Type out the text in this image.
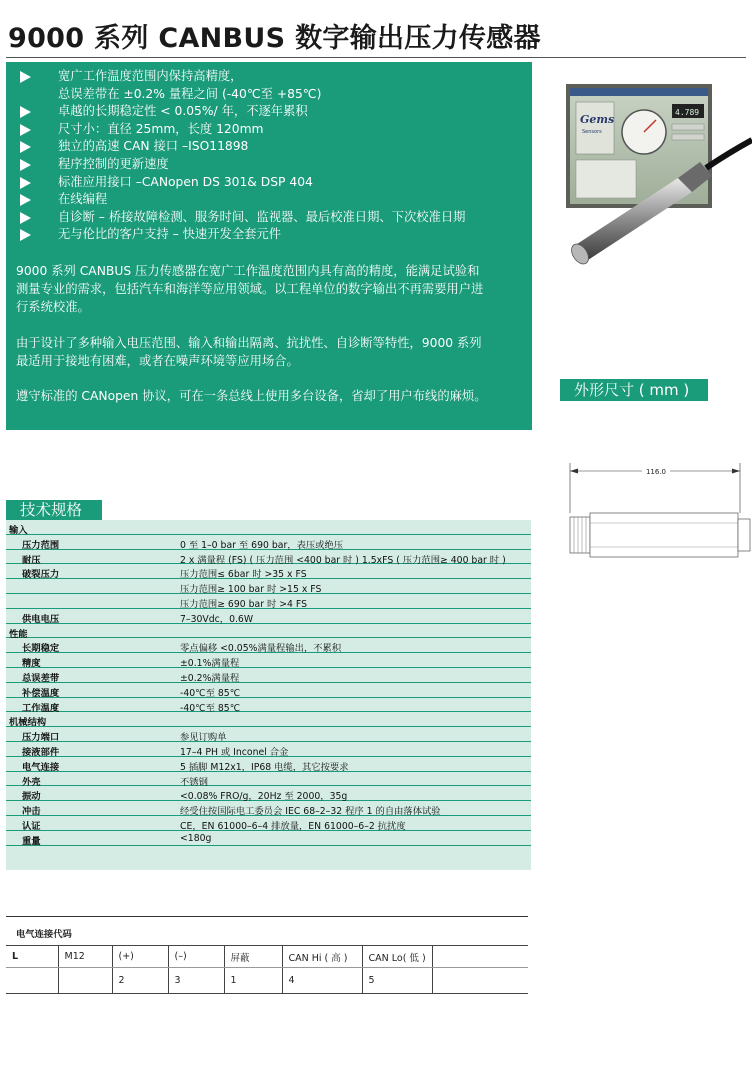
9000 系列 CANBUS 数字输出压力传感器
宽广工作温度范围内保持高精度，
总误差带在 ±0.2% 量程之间 (-40℃至 +85℃)
卓越的长期稳定性 < 0.05%/ 年，不逐年累积
尺寸小：直径 25mm，长度 120mm
独立的高速 CAN 接口 –ISO11898
程序控制的更新速度
标准应用接口 –CANopen DS 301& DSP 404
在线编程
自诊断 – 桥接故障检测、服务时间、监视器、最后校准日期、下次校准日期
无与伦比的客户支持 – 快速开发全套元件
9000 系列 CANBUS 压力传感器在宽广工作温度范围内具有高的精度，能满足试验和
测量专业的需求，包括汽车和海洋等应用领域。以工程单位的数字输出不再需要用户进
行系统校准。
由于设计了多种输入电压范围、输入和输出隔离、抗扰性、自诊断等特性，9000 系列
最适用于接地有困难，或者在噪声环境等应用场合。
遵守标准的 CANopen 协议，可在一条总线上使用多台设备，省却了用户布线的麻烦。
Gems
Sensors
4.789
外形尺寸 ( mm )
116.0
技术规格
输入
压力范围	0 至 1–0 bar 至 690 bar，表压或绝压
耐压	2 x 满量程 (FS) ( 压力范围 <400 bar 时 ) 1.5xFS ( 压力范围≥ 400 bar 时 )
破裂压力	压力范围≤ 6bar 时 >35 x FS
压力范围≥ 100 bar 时 >15 x FS
压力范围≥ 690 bar 时 >4 FS
供电电压	7–30Vdc，0.6W
性能
长期稳定	零点偏移 <0.05%满量程输出，不累积
精度	±0.1%满量程
总误差带	±0.2%满量程
补偿温度	-40℃至 85℃
工作温度	-40℃至 85℃
机械结构
压力端口	参见订购单
接液部件	17–4 PH 或 Inconel 合金
电气连接	5 插脚 M12x1，IP68 电缆，其它按要求
外壳	不锈钢
振动	<0.08% FRO/g，20Hz 至 2000，35g
冲击	经受住按国际电工委员会 IEC 68–2–32 程序 1 的自由落体试验
认证	CE，EN 61000–6–4 排放量，EN 61000–6–2 抗扰度
重量	<180g
电气连接代码
L	M12	(+)	(–)	屏蔽	CAN Hi ( 高 )	CAN Lo( 低 )	
		2	3	1	4	5	
